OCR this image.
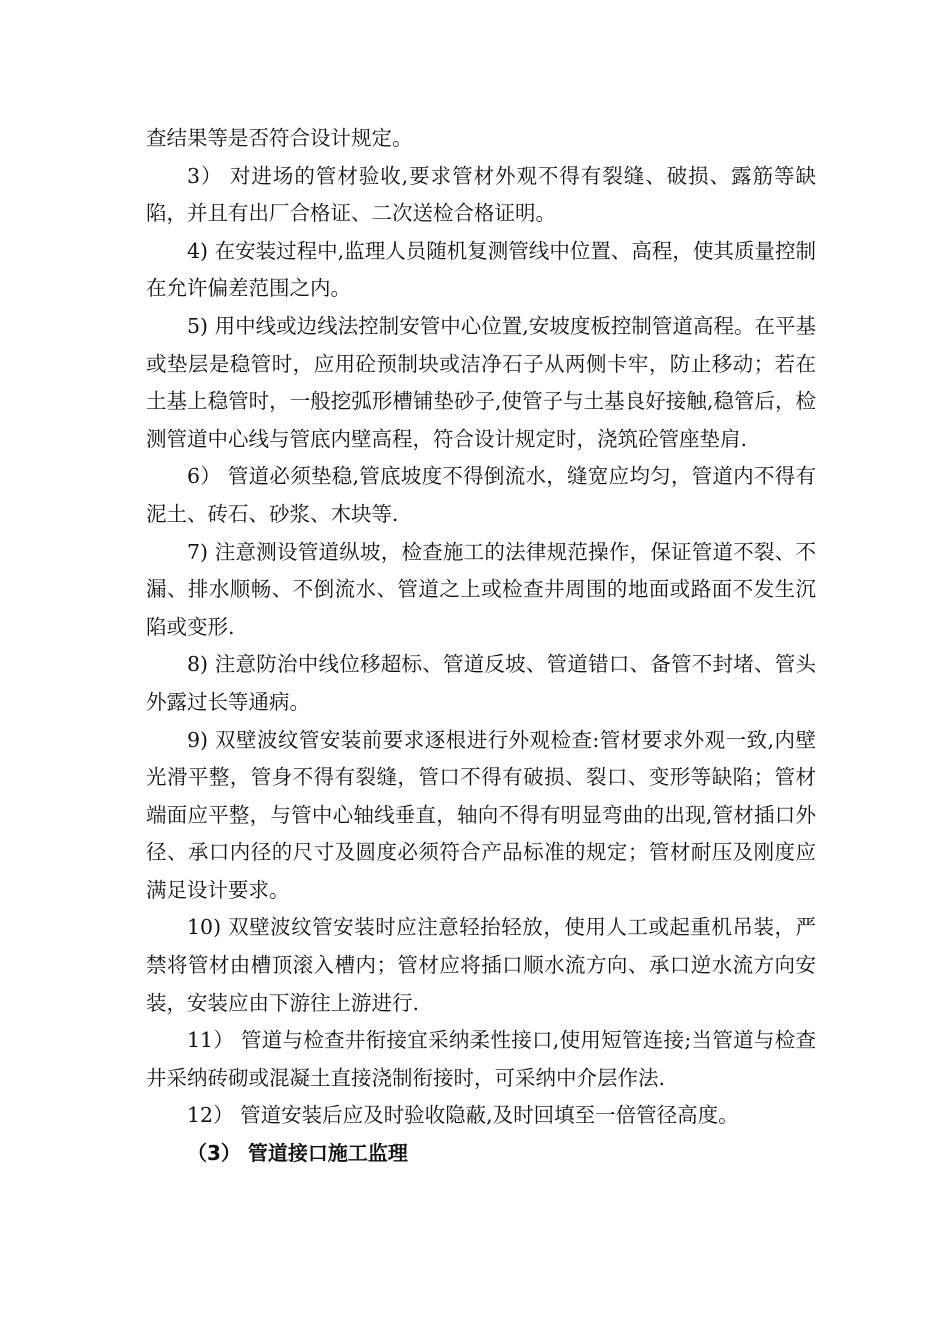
查结果等是否符合设计规定。

3） 对进场的管材验收,要求管材外观不得有裂缝、破损、露筋等缺陷，并且有出厂合格证、二次送检合格证明。

4) 在安装过程中,监理人员随机复测管线中位置、高程，使其质量控制在允许偏差范围之内。

5) 用中线或边线法控制安管中心位置,安坡度板控制管道高程。在平基或垫层是稳管时，应用砼预制块或洁净石子从两侧卡牢，防止移动；若在土基上稳管时，一般挖弧形槽铺垫砂子,使管子与土基良好接触,稳管后，检测管道中心线与管底内壁高程，符合设计规定时，浇筑砼管座垫肩.

6） 管道必须垫稳,管底坡度不得倒流水，缝宽应均匀，管道内不得有泥土、砖石、砂浆、木块等.

7) 注意测设管道纵坡，检查施工的法律规范操作，保证管道不裂、不漏、排水顺畅、不倒流水、管道之上或检查井周围的地面或路面不发生沉陷或变形.

8) 注意防治中线位移超标、管道反坡、管道错口、备管不封堵、管头外露过长等通病。

9) 双壁波纹管安装前要求逐根进行外观检查:管材要求外观一致,内壁光滑平整，管身不得有裂缝，管口不得有破损、裂口、变形等缺陷；管材端面应平整，与管中心轴线垂直，轴向不得有明显弯曲的出现,管材插口外径、承口内径的尺寸及圆度必须符合产品标准的规定；管材耐压及刚度应满足设计要求。

10) 双壁波纹管安装时应注意轻抬轻放，使用人工或起重机吊装，严禁将管材由槽顶滚入槽内；管材应将插口顺水流方向、承口逆水流方向安装，安装应由下游往上游进行.

11） 管道与检查井衔接宜采纳柔性接口,使用短管连接;当管道与检查井采纳砖砌或混凝土直接浇制衔接时，可采纳中介层作法.

12） 管道安装后应及时验收隐蔽,及时回填至一倍管径高度。

（3） 管道接口施工监理
